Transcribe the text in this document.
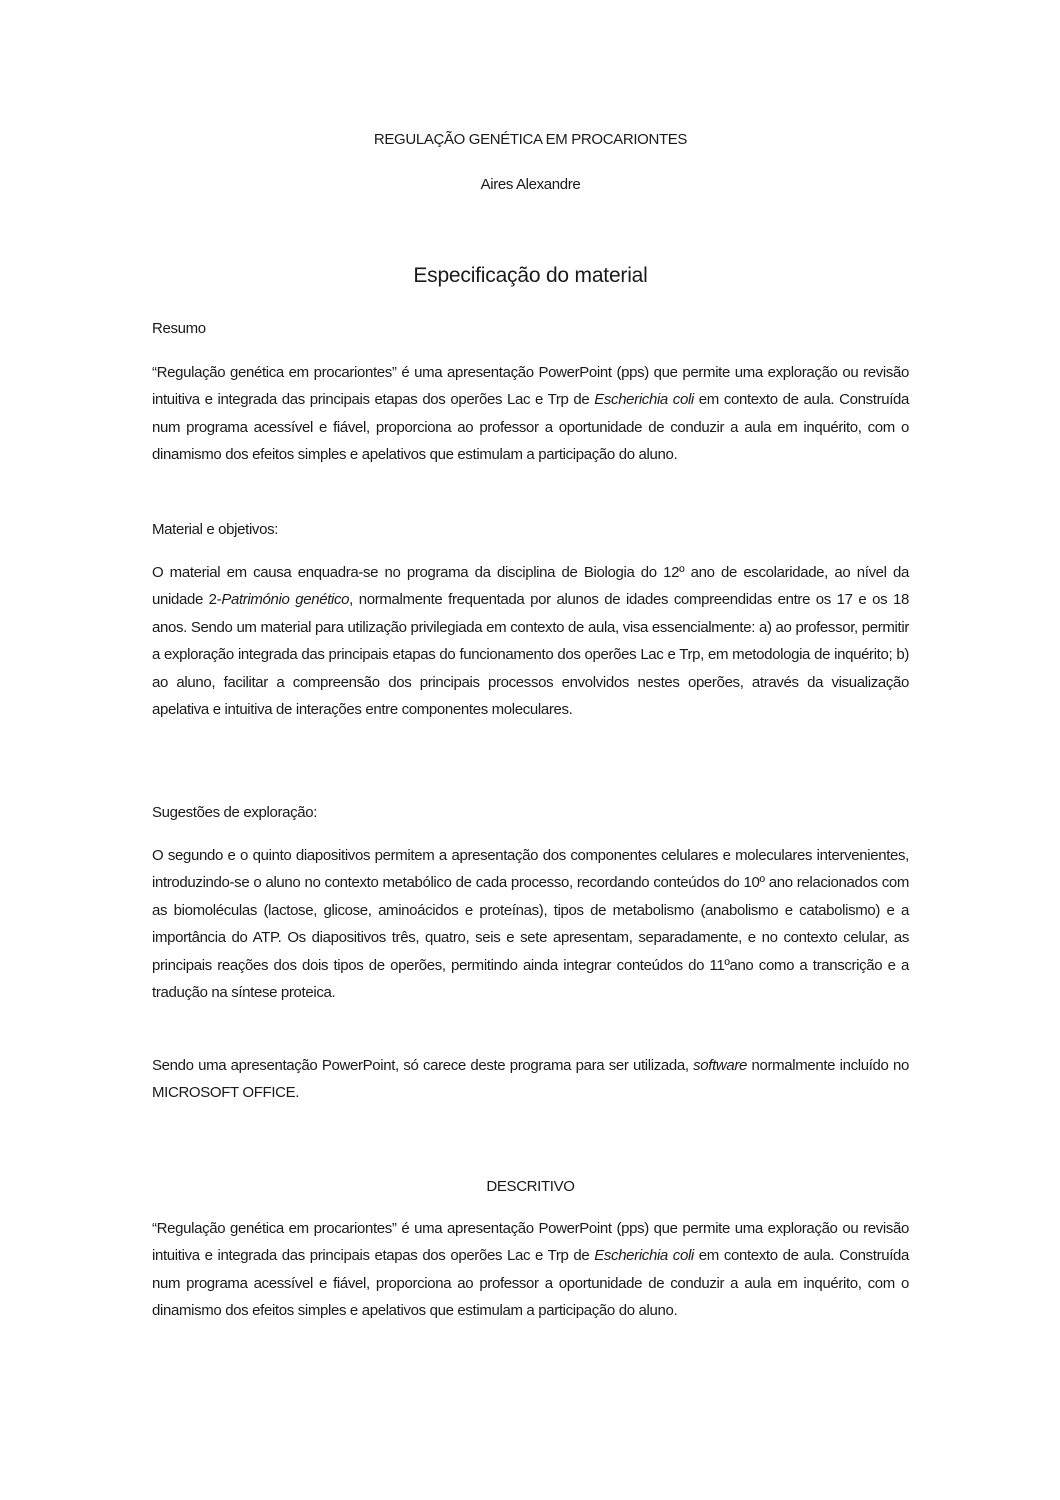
REGULAÇÃO GENÉTICA EM PROCARIONTES
Aires Alexandre
Especificação do material
Resumo

“Regulação genética em procariontes” é uma apresentação PowerPoint (pps) que permite uma exploração ou revisão intuitiva e integrada das principais etapas dos operões Lac e Trp de Escherichia coli em contexto de aula. Construída num programa acessível e fiável, proporciona ao professor a oportunidade de conduzir a aula em inquérito, com o dinamismo dos efeitos simples e apelativos que estimulam a participação do aluno.

Material e objetivos:

O material em causa enquadra-se no programa da disciplina de Biologia do 12º ano de escolaridade, ao nível da unidade 2-Património genético, normalmente frequentada por alunos de idades compreendidas entre os 17 e os 18 anos. Sendo um material para utilização privilegiada em contexto de aula, visa essencialmente: a) ao professor, permitir a exploração integrada das principais etapas do funcionamento dos operões Lac e Trp, em metodologia de inquérito; b) ao aluno, facilitar a compreensão dos principais processos envolvidos nestes operões, através da visualização apelativa e intuitiva de interações entre componentes moleculares.

Sugestões de exploração:

O segundo e o quinto diapositivos permitem a apresentação dos componentes celulares e moleculares intervenientes, introduzindo-se o aluno no contexto metabólico de cada processo, recordando conteúdos do 10º ano relacionados com as biomoléculas (lactose, glicose, aminoácidos e proteínas), tipos de metabolismo (anabolismo e catabolismo) e a importância do ATP. Os diapositivos três, quatro, seis e sete apresentam, separadamente, e no contexto celular, as principais reações dos dois tipos de operões, permitindo ainda integrar conteúdos do 11ºano como a transcrição e a tradução na síntese proteica.

Sendo uma apresentação PowerPoint, só carece deste programa para ser utilizada, software normalmente incluído no MICROSOFT OFFICE.

DESCRITIVO

“Regulação genética em procariontes” é uma apresentação PowerPoint (pps) que permite uma exploração ou revisão intuitiva e integrada das principais etapas dos operões Lac e Trp de Escherichia coli em contexto de aula. Construída num programa acessível e fiável, proporciona ao professor a oportunidade de conduzir a aula em inquérito, com o dinamismo dos efeitos simples e apelativos que estimulam a participação do aluno.
